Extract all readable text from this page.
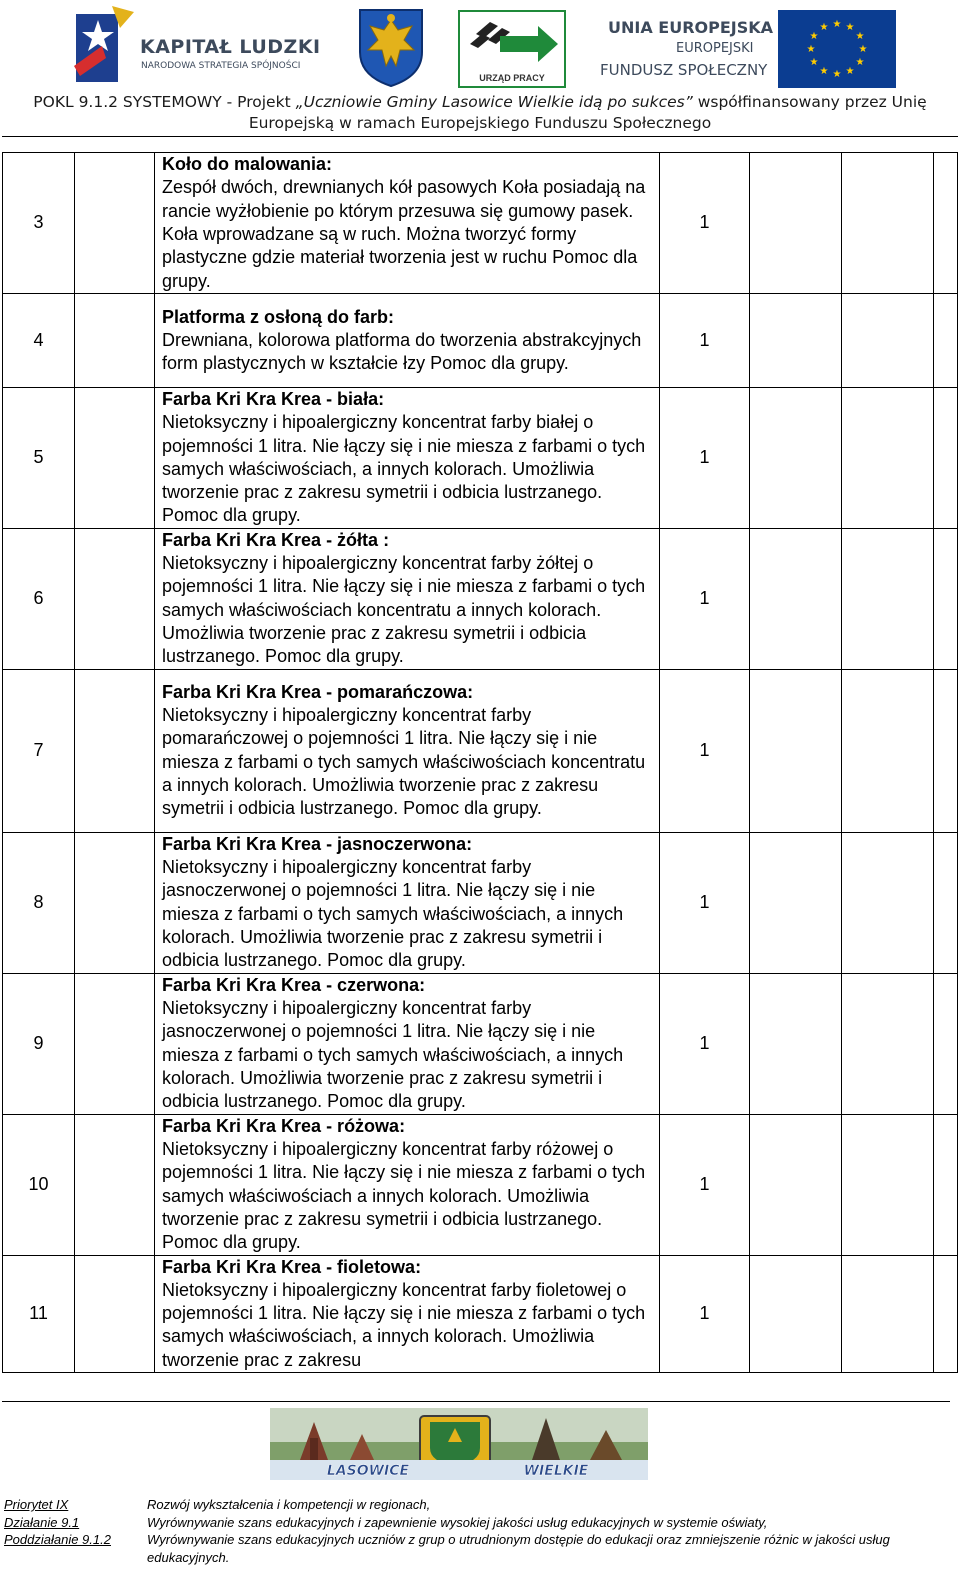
KAPITAŁ LUDZKI
NARODOWA STRATEGIA SPÓJNOŚCI
URZĄD PRACY
UNIA EUROPEJSKA
EUROPEJSKI
FUNDUSZ SPOŁECZNY
★ ★
★
★
★
★
★
★
★
★
★
★
POKL 9.1.2 SYSTEMOWY - Projekt „Uczniowie Gminy Lasowice Wielkie idą po sukces” współfinansowany przez Unię
Europejską w ramach Europejskiego Funduszu Społecznego
3		Koło do malowania:
Zespół dwóch, drewnianych kół pasowych Koła posiadają na rancie wyżłobienie po którym przesuwa się gumowy pasek. Koła wprowadzane są w ruch. Można tworzyć formy plastyczne gdzie materiał tworzenia jest w ruchu Pomoc dla grupy.	1			
4		Platforma z osłoną do farb:
Drewniana, kolorowa platforma do tworzenia abstrakcyjnych form plastycznych w kształcie łzy Pomoc dla grupy.	1			
5		Farba Kri Kra Krea - biała:
Nietoksyczny i hipoalergiczny koncentrat farby białej o pojemności 1 litra. Nie łączy się i nie miesza z farbami o tych samych właściwościach, a innych kolorach. Umożliwia tworzenie prac z zakresu symetrii i odbicia lustrzanego. Pomoc dla grupy.	1			
6		Farba Kri Kra Krea - żółta :
Nietoksyczny i hipoalergiczny koncentrat farby żółtej o pojemności 1 litra. Nie łączy się i nie miesza z farbami o tych samych właściwościach koncentratu a innych kolorach. Umożliwia tworzenie prac z zakresu symetrii i odbicia lustrzanego. Pomoc dla grupy.	1			
7		Farba Kri Kra Krea - pomarańczowa:
Nietoksyczny i hipoalergiczny koncentrat farby pomarańczowej o pojemności 1 litra. Nie łączy się i nie miesza z farbami o tych samych właściwościach koncentratu a innych kolorach. Umożliwia tworzenie prac z zakresu symetrii i odbicia lustrzanego. Pomoc dla grupy.	1			
8		Farba Kri Kra Krea - jasnoczerwona:
Nietoksyczny i hipoalergiczny koncentrat farby jasnoczerwonej o pojemności 1 litra. Nie łączy się i nie miesza z farbami o tych samych właściwościach, a innych kolorach. Umożliwia tworzenie prac z zakresu symetrii i odbicia lustrzanego. Pomoc dla grupy.	1			
9		Farba Kri Kra Krea - czerwona:
Nietoksyczny i hipoalergiczny koncentrat farby jasnoczerwonej o pojemności 1 litra. Nie łączy się i nie miesza z farbami o tych samych właściwościach, a innych kolorach. Umożliwia tworzenie prac z zakresu symetrii i odbicia lustrzanego. Pomoc dla grupy.	1			
10		Farba Kri Kra Krea - różowa:
Nietoksyczny i hipoalergiczny koncentrat farby różowej o pojemności 1 litra. Nie łączy się i nie miesza z farbami o tych samych właściwościach a innych kolorach. Umożliwia tworzenie prac z zakresu symetrii i odbicia lustrzanego. Pomoc dla grupy.	1			
11		Farba Kri Kra Krea - fioletowa:
Nietoksyczny i hipoalergiczny koncentrat farby fioletowej o pojemności 1 litra. Nie łączy się i nie miesza z farbami o tych samych właściwościach, a innych kolorach. Umożliwia tworzenie prac z zakresu	1			
LASOWICE	WIELKIE
Priorytet IX
Działanie 9.1
Poddziałanie 9.1.2
Rozwój wykształcenia i kompetencji w regionach,
Wyrównywanie szans edukacyjnych i zapewnienie wysokiej jakości usług edukacyjnych w systemie oświaty,
Wyrównywanie szans edukacyjnych uczniów z grup o utrudnionym dostępie do edukacji oraz zmniejszenie różnic w jakości usług edukacyjnych.
